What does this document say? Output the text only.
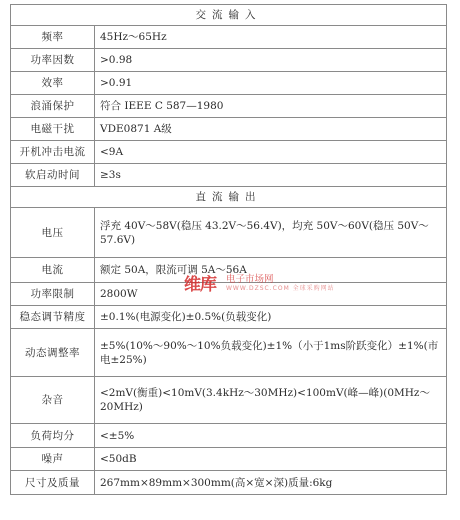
交流输入	
频率	45Hz～65Hz
功率因数	>0.98
效率	>0.91
浪涌保护	符合 IEEE C 587—1980
电磁干扰	VDE0871 A级
开机冲击电流	<9A
软启动时间	≥3s
直流输出	
电压	浮充 40V～58V(稳压 43.2V～56.4V)，均充 50V～60V(稳压 50V～57.6V)
电流	额定 50A，限流可调 5A～56A
功率限制	2800W
稳态调节精度	±0.1%(电源变化)±0.5%(负载变化)
动态调整率	±5%(10%～90%～10%负载变化)±1%（小于1ms阶跃变化）±1%(市电±25%)
杂音	<2mV(衡重)<10mV(3.4kHz～30MHz)<100mV(峰—峰)(0MHz～20MHz)
负荷均分	<±5%
噪声	<50dB
尺寸及质量	267mm×89mm×300mm(高×宽×深)质量:6kg
维库 电子市场网
WWW.DZSC.COM 全球采购网站
